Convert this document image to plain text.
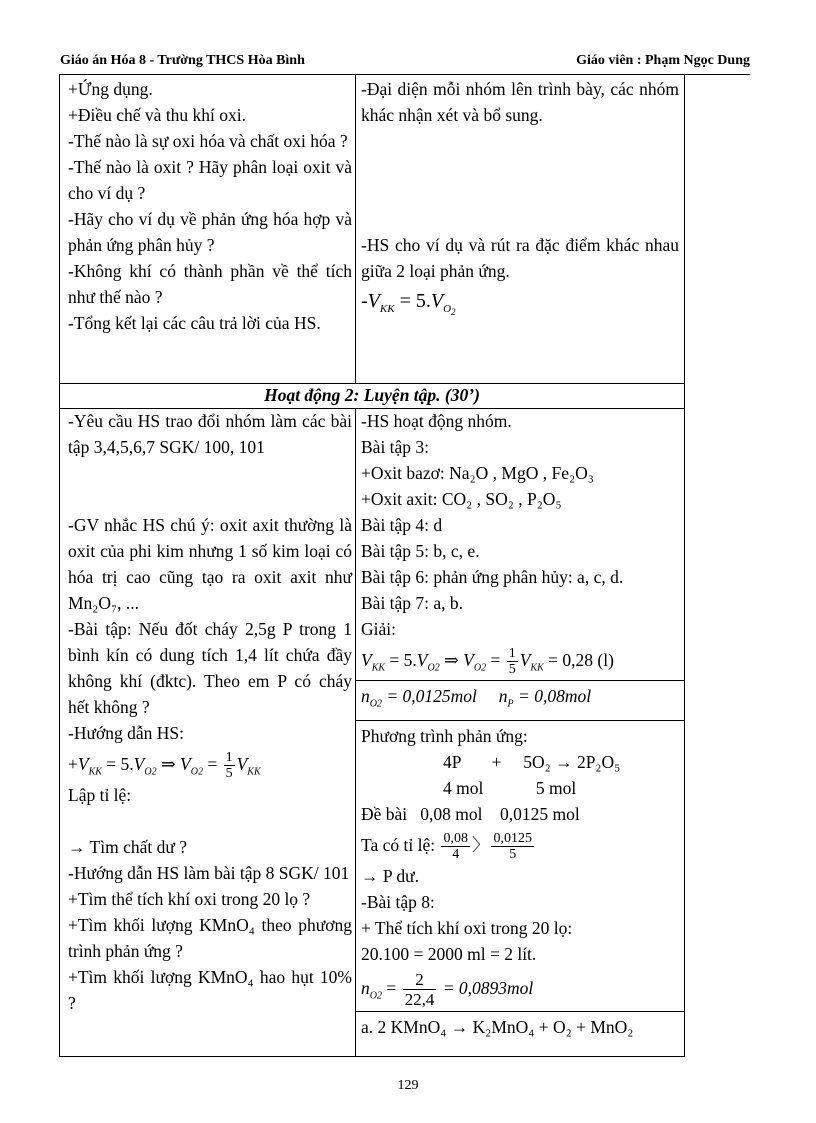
Giáo án Hóa 8 - Trường THCS Hòa Bình	Giáo viên : Phạm Ngọc Dung

+Ứng dụng.

+Điều chế và thu khí oxi.

-Thế nào là sự oxi hóa và chất oxi hóa ?

-Thế nào là oxit ? Hãy phân loại oxit và cho ví dụ ?

-Hãy cho ví dụ về phản ứng hóa hợp và phản ứng phân hủy ?

-Không khí có thành phần về thể tích như thế nào ?

-Tổng kết lại các câu trả lời của HS.

-Đại diện mỗi nhóm lên trình bày, các nhóm khác nhận xét và bổ sung.

-HS cho ví dụ và rút ra đặc điểm khác nhau giữa 2 loại phản ứng.

$-V_{KK} = 5.V_{O_2}$
Hoạt động 2: Luyện tập. (30’)

-Yêu cầu HS trao đổi nhóm làm các bài tập 3,4,5,6,7 SGK/ 100, 101

-GV nhắc HS chú ý: oxit axit thường là oxit của phi kim nhưng 1 số kim loại có hóa trị cao cũng tạo ra oxit axit như Mn₂O₇, ...

-Bài tập: Nếu đốt cháy 2,5g P trong 1 bình kín có dung tích 1,4 lít chứa đầy không khí (đktc). Theo em P có cháy hết không ?

-Hướng dẫn HS:

$+V_{KK} = 5.V_{O2}$ ⇒ $V_{O2} = \frac{1}{5} V_{KK}$

Lập tỉ lệ:

→ Tìm chất dư ?

-Hướng dẫn HS làm bài tập 8 SGK/ 101

+Tìm thể tích khí oxi trong 20 lọ ?

+Tìm khối lượng KMnO₄ theo phương trình phản ứng ?

+Tìm khối lượng KMnO₄ hao hụt 10% ?

-HS hoạt động nhóm.

Bài tập 3:

+Oxit bazơ: Na₂O , MgO , Fe₂O₃

+Oxit axit: CO₂ , SO₂ , P₂O₅

Bài tập 4: d

Bài tập 5: b, c, e.

Bài tập 6: phản ứng phân hủy: a, c, d.

Bài tập 7: a, b.

Giải:

$V_{KK} = 5.V_{O2}$ ⇒ $V_{O2} = \frac{1}{5} V_{KK} = 0,28$ (l)
$n_{O2} = 0,0125mol$ $n_P = 0,08mol$

Phương trình phản ứng:

4P       +     5O₂ → 2P₂O₅

4 mol            5 mol

Đề bài   0,08 mol    0,0125 mol

Ta có tỉ lệ: $\frac{0,08}{4}$ 〉 $\frac{0,0125}{5}$

→ P dư.

-Bài tập 8:

+ Thể tích khí oxi trong 20 lọ:

20.100 = 2000 ml = 2 lít.

$n_{O2} = \frac{2}{22,4} = 0,0893mol$

a. 2 KMnO₄ → K₂MnO₄ + O₂ + MnO₂

129
